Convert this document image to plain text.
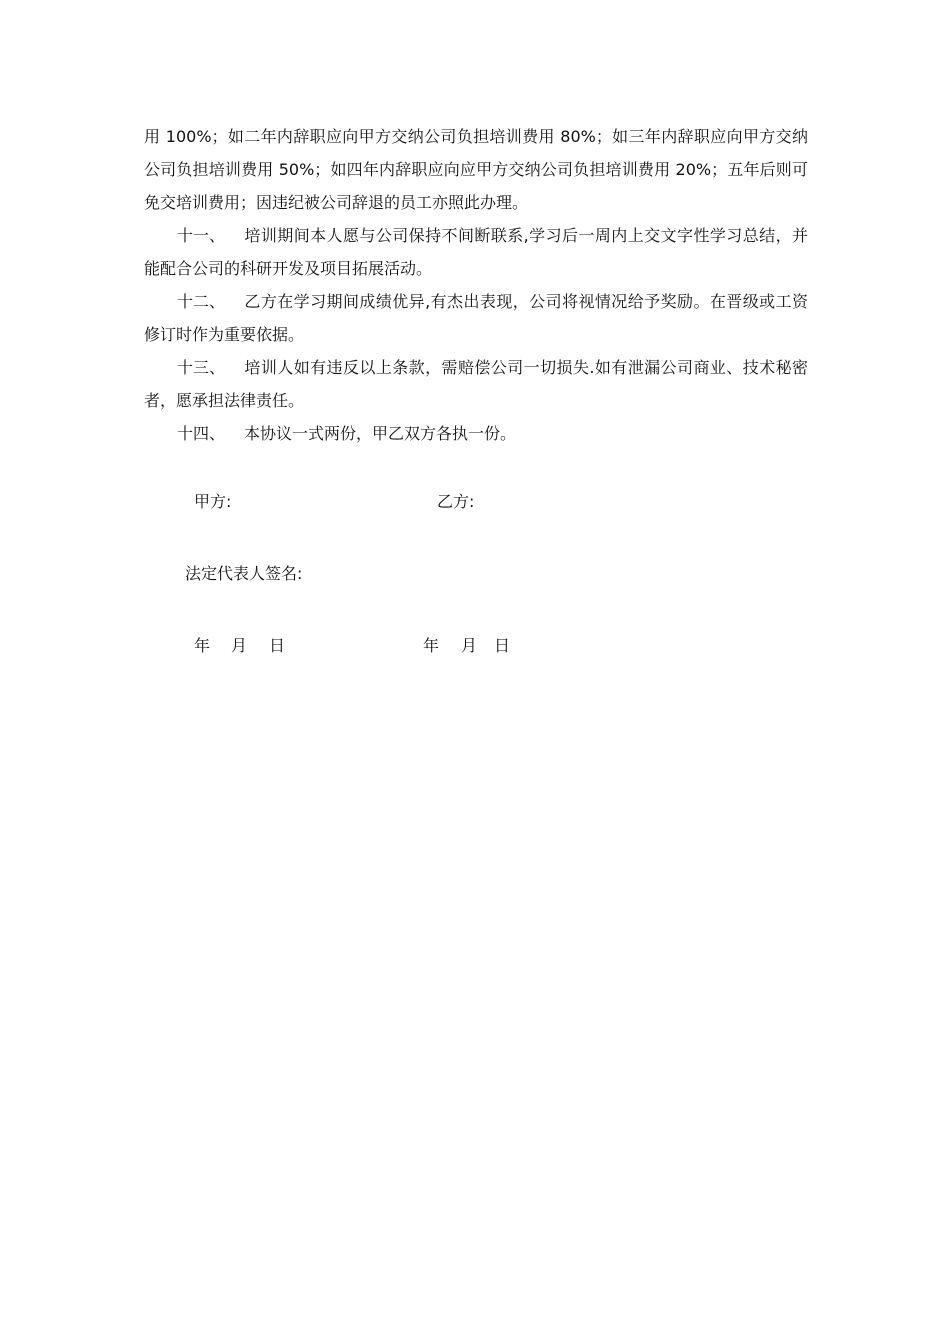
用 100%；如二年内辞职应向甲方交纳公司负担培训费用 80%；如三年内辞职应向甲方交纳公司负担培训费用 50%；如四年内辞职应向应甲方交纳公司负担培训费用 20%；五年后则可免交培训费用；因违纪被公司辞退的员工亦照此办理。

十一、 培训期间本人愿与公司保持不间断联系,学习后一周内上交文字性学习总结，并能配合公司的科研开发及项目拓展活动。

十二、 乙方在学习期间成绩优异,有杰出表现，公司将视情况给予奖励。在晋级或工资修订时作为重要依据。

十三、 培训人如有违反以上条款，需赔偿公司一切损失.如有泄漏公司商业、技术秘密者，愿承担法律责任。

十四、 本协议一式两份，甲乙双方各执一份。

甲方:	乙方:
法定代表人签名:
年 月 日	年 月 日
